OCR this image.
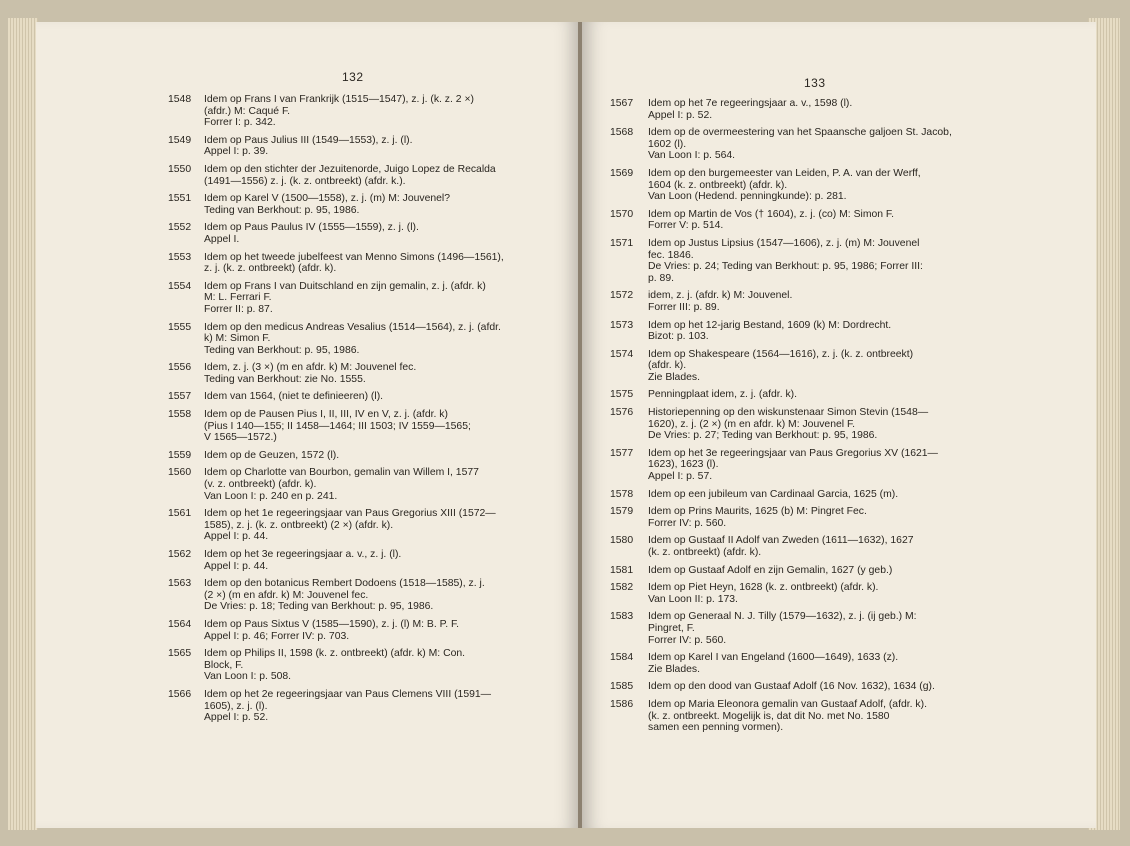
132
1548 Idem op Frans I van Frankrijk (1515—1547), z. j. (k. z. 2 ×)
(afdr.) M: Caqué F.
Forrer I: p. 342.
1549 Idem op Paus Julius III (1549—1553), z. j. (l).
Appel I: p. 39.
1550 Idem op den stichter der Jezuitenorde, Juigo Lopez de Recalda
(1491—1556) z. j. (k. z. ontbreekt) (afdr. k.).
1551 Idem op Karel V (1500—1558), z. j. (m) M: Jouvenel?
Teding van Berkhout: p. 95, 1986.
1552 Idem op Paus Paulus IV (1555—1559), z. j. (l).
Appel I.
1553 Idem op het tweede jubelfeest van Menno Simons (1496—1561),
z. j. (k. z. ontbreekt) (afdr. k).
1554 Idem op Frans I van Duitschland en zijn gemalin, z. j. (afdr. k)
M: L. Ferrari F.
Forrer II: p. 87.
1555 Idem op den medicus Andreas Vesalius (1514—1564), z. j. (afdr.
k) M: Simon F.
Teding van Berkhout: p. 95, 1986.
1556 Idem, z. j. (3 ×) (m en afdr. k) M: Jouvenel fec.
Teding van Berkhout: zie No. 1555.
1557 Idem van 1564, (niet te definieeren) (l).
1558 Idem op de Pausen Pius I, II, III, IV en V, z. j. (afdr. k)
(Pius I 140—155; II 1458—1464; III 1503; IV 1559—1565;
V 1565—1572.)
1559 Idem op de Geuzen, 1572 (l).
1560 Idem op Charlotte van Bourbon, gemalin van Willem I, 1577
(v. z. ontbreekt) (afdr. k).
Van Loon I: p. 240 en p. 241.
1561 Idem op het 1e regeeringsjaar van Paus Gregorius XIII (1572—
1585), z. j. (k. z. ontbreekt) (2 ×) (afdr. k).
Appel I: p. 44.
1562 Idem op het 3e regeeringsjaar a. v., z. j. (l).
Appel I: p. 44.
1563 Idem op den botanicus Rembert Dodoens (1518—1585), z. j.
(2 ×) (m en afdr. k) M: Jouvenel fec.
De Vries: p. 18; Teding van Berkhout: p. 95, 1986.
1564 Idem op Paus Sixtus V (1585—1590), z. j. (l) M: B. P. F.
Appel I: p. 46; Forrer IV: p. 703.
1565 Idem op Philips II, 1598 (k. z. ontbreekt) (afdr. k) M: Con.
Block, F.
Van Loon I: p. 508.
1566 Idem op het 2e regeeringsjaar van Paus Clemens VIII (1591—
1605), z. j. (l).
Appel I: p. 52.
133
1567 Idem op het 7e regeeringsjaar a. v., 1598 (l).
Appel I: p. 52.
1568 Idem op de overmeestering van het Spaansche galjoen St. Jacob,
1602 (l).
Van Loon I: p. 564.
1569 Idem op den burgemeester van Leiden, P. A. van der Werff,
1604 (k. z. ontbreekt) (afdr. k).
Van Loon (Hedend. penningkunde): p. 281.
1570 Idem op Martin de Vos († 1604), z. j. (co) M: Simon F.
Forrer V: p. 514.
1571 Idem op Justus Lipsius (1547—1606), z. j. (m) M: Jouvenel
fec. 1846.
De Vries: p. 24; Teding van Berkhout: p. 95, 1986; Forrer III:
p. 89.
1572 idem, z. j. (afdr. k) M: Jouvenel.
Forrer III: p. 89.
1573 Idem op het 12-jarig Bestand, 1609 (k) M: Dordrecht.
Bizot: p. 103.
1574 Idem op Shakespeare (1564—1616), z. j. (k. z. ontbreekt)
(afdr. k).
Zie Blades.
1575 Penningplaat idem, z. j. (afdr. k).
1576 Historiepenning op den wiskunstenaar Simon Stevin (1548—
1620), z. j. (2 ×) (m en afdr. k) M: Jouvenel F.
De Vries: p. 27; Teding van Berkhout: p. 95, 1986.
1577 Idem op het 3e regeeringsjaar van Paus Gregorius XV (1621—
1623), 1623 (l).
Appel I: p. 57.
1578 Idem op een jubileum van Cardinaal Garcia, 1625 (m).
1579 Idem op Prins Maurits, 1625 (b) M: Pingret Fec.
Forrer IV: p. 560.
1580 Idem op Gustaaf II Adolf van Zweden (1611—1632), 1627
(k. z. ontbreekt) (afdr. k).
1581 Idem op Gustaaf Adolf en zijn Gemalin, 1627 (y geb.)
1582 Idem op Piet Heyn, 1628 (k. z. ontbreekt) (afdr. k).
Van Loon II: p. 173.
1583 Idem op Generaal N. J. Tilly (1579—1632), z. j. (ij geb.) M:
Pingret, F.
Forrer IV: p. 560.
1584 Idem op Karel I van Engeland (1600—1649), 1633 (z).
Zie Blades.
1585 Idem op den dood van Gustaaf Adolf (16 Nov. 1632), 1634 (g).
1586 Idem op Maria Eleonora gemalin van Gustaaf Adolf, (afdr. k).
(k. z. ontbreekt. Mogelijk is, dat dit No. met No. 1580
samen een penning vormen).
